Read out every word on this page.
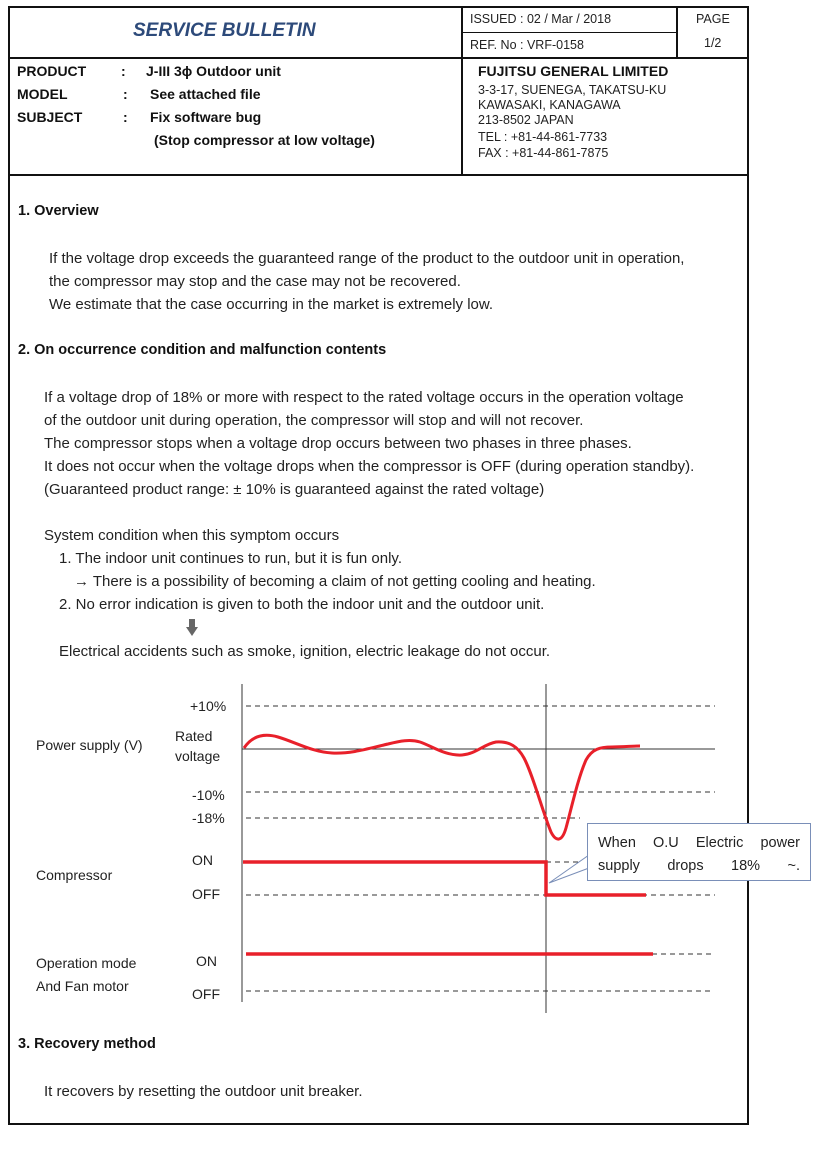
SERVICE BULLETIN
ISSUED : 02 / Mar / 2018
REF. No : VRF-0158
PAGE
1/2
PRODUCT
MODEL
SUBJECT
:
:
:
J-III 3ϕ Outdoor unit
See attached file
Fix software bug
(Stop compressor at low voltage)
FUJITSU GENERAL LIMITED
3-3-17, SUENEGA, TAKATSU-KU
KAWASAKI, KANAGAWA
213-8502 JAPAN
TEL : +81-44-861-7733
FAX : +81-44-861-7875
1. Overview
If the voltage drop exceeds the guaranteed range of the product to the outdoor unit in operation,
the compressor may stop and the case may not be recovered.
We estimate that the case occurring in the market is extremely low.
2. On occurrence condition and malfunction contents
If a voltage drop of 18% or more with respect to the rated voltage occurs in the operation voltage
of the outdoor unit during operation, the compressor will stop and will not recover.
The compressor stops when a voltage drop occurs between two phases in three phases.
It does not occur when the voltage drops when the compressor is OFF (during operation standby).
(Guaranteed product range: ± 10% is guaranteed against the rated voltage)
System condition when this symptom occurs
1. The indoor unit continues to run, but it is fun only.
→ There is a possibility of becoming a claim of not getting cooling and heating.
2. No error indication is given to both the indoor unit and the outdoor unit.
Electrical accidents such as smoke, ignition, electric leakage do not occur.
When O.U Electric power supply drops 18% ~.
Power supply (V)
+10%
Rated
voltage
-10%
-18%
Compressor
ON
OFF
Operation mode
And Fan motor
ON
OFF
3. Recovery method
It recovers by resetting the outdoor unit breaker.
